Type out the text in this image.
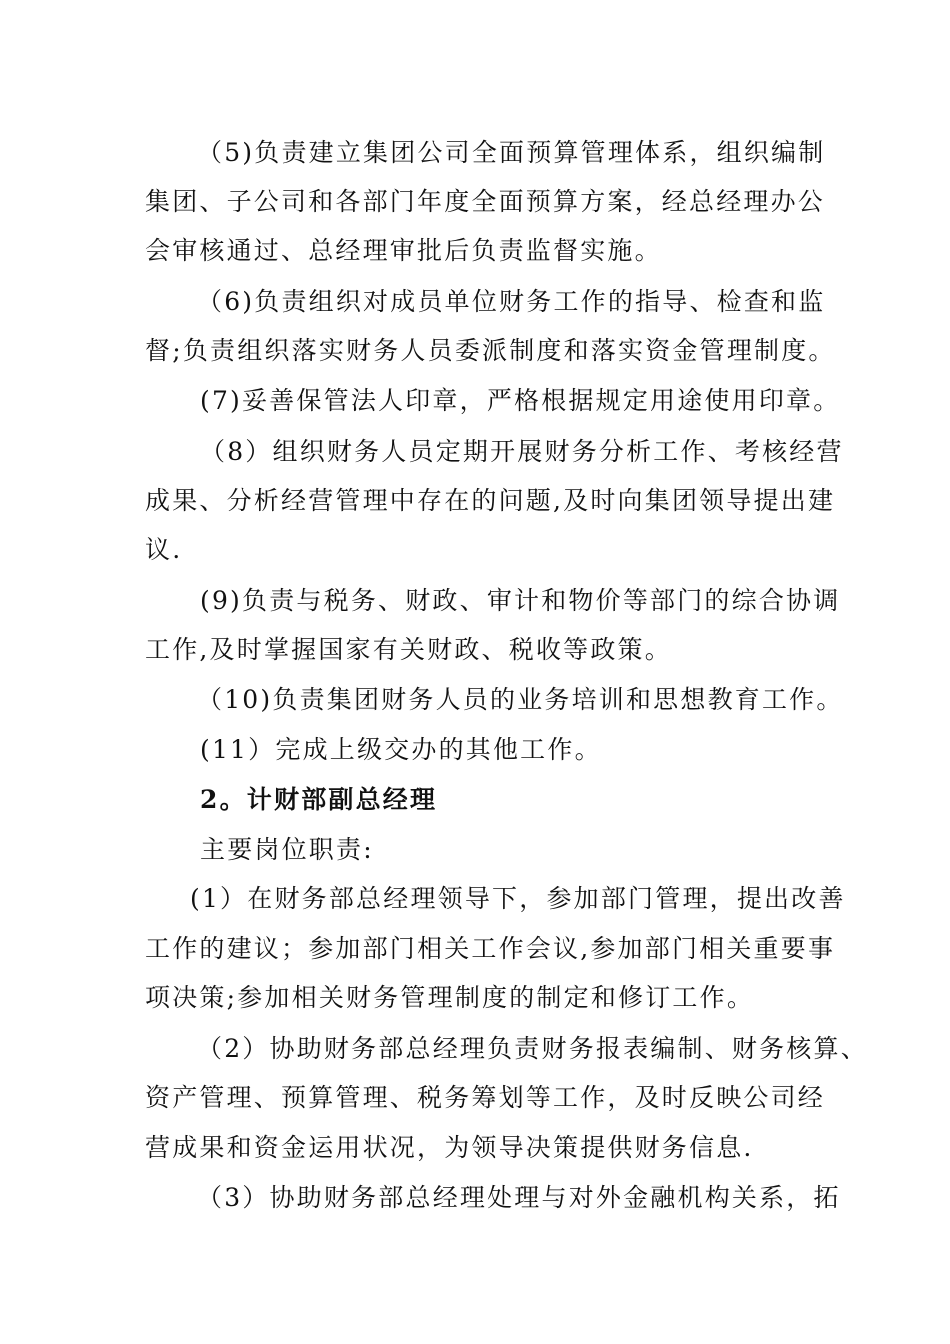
（5)负责建立集团公司全面预算管理体系，组织编制

集团、子公司和各部门年度全面预算方案，经总经理办公

会审核通过、总经理审批后负责监督实施。

（6)负责组织对成员单位财务工作的指导、检查和监

督;负责组织落实财务人员委派制度和落实资金管理制度。

(7)妥善保管法人印章，严格根据规定用途使用印章。

（8）组织财务人员定期开展财务分析工作、考核经营

成果、分析经营管理中存在的问题,及时向集团领导提出建

议.

(9)负责与税务、财政、审计和物价等部门的综合协调

工作,及时掌握国家有关财政、税收等政策。

（10)负责集团财务人员的业务培训和思想教育工作。

(11）完成上级交办的其他工作。

2。计财部副总经理

主要岗位职责:

(1）在财务部总经理领导下，参加部门管理，提出改善

工作的建议；参加部门相关工作会议,参加部门相关重要事

项决策;参加相关财务管理制度的制定和修订工作。

（2）协助财务部总经理负责财务报表编制、财务核算、

资产管理、预算管理、税务筹划等工作，及时反映公司经

营成果和资金运用状况，为领导决策提供财务信息.

（3）协助财务部总经理处理与对外金融机构关系，拓
